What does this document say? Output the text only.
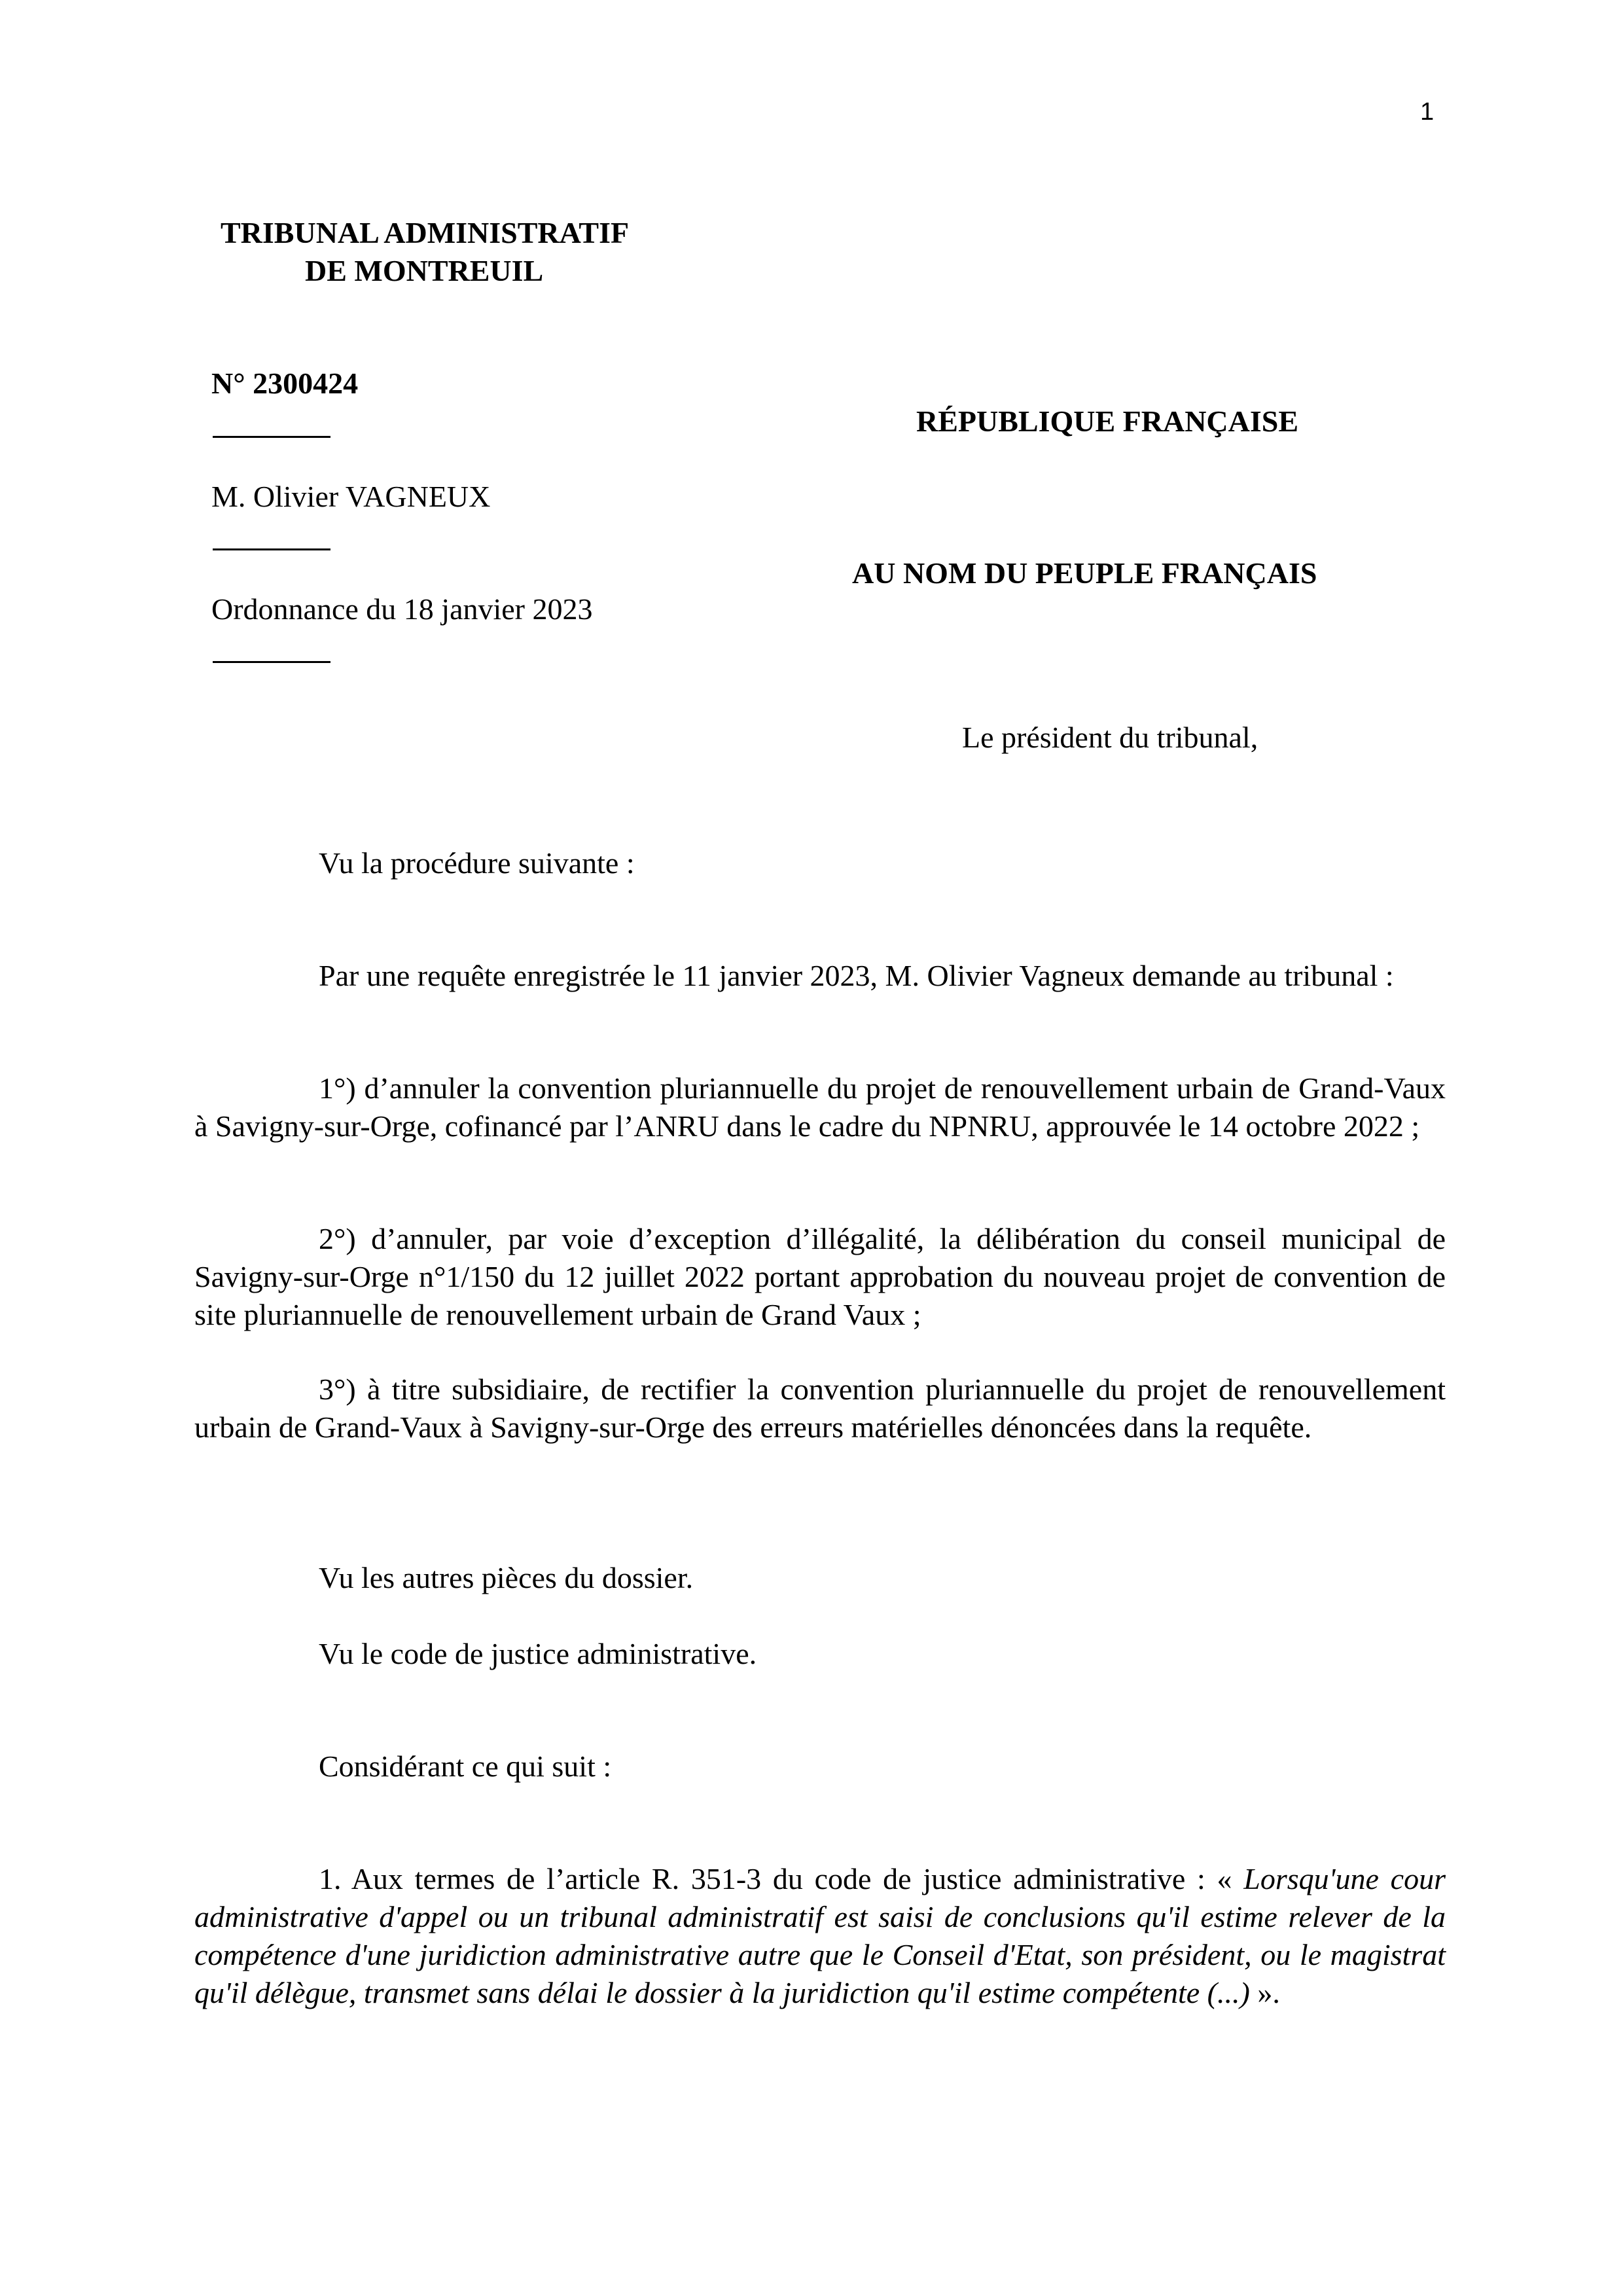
1
TRIBUNAL ADMINISTRATIF
DE MONTREUIL
N° 2300424
M. Olivier VAGNEUX
Ordonnance du 18 janvier 2023
RÉPUBLIQUE FRANÇAISE
AU NOM DU PEUPLE FRANÇAIS
Le président du tribunal,
Vu la procédure suivante :
Par une requête enregistrée le 11 janvier 2023, M. Olivier Vagneux demande au tribunal :
1°) d’annuler la convention pluriannuelle du projet de renouvellement urbain de Grand-Vaux à Savigny-sur-Orge, cofinancé par l’ANRU dans le cadre du NPNRU, approuvée le 14 octobre 2022 ;
2°) d’annuler, par voie d’exception d’illégalité, la délibération du conseil municipal de Savigny-sur-Orge n°1/150 du 12 juillet 2022 portant approbation du nouveau projet de convention de site pluriannuelle de renouvellement urbain de Grand Vaux ;
3°) à titre subsidiaire, de rectifier la convention pluriannuelle du projet de renouvellement urbain de Grand-Vaux à Savigny-sur-Orge des erreurs matérielles dénoncées dans la requête.
Vu les autres pièces du dossier.
Vu le code de justice administrative.
Considérant ce qui suit :
1. Aux termes de l’article R. 351-3 du code de justice administrative : « Lorsqu'une cour administrative d'appel ou un tribunal administratif est saisi de conclusions qu'il estime relever de la compétence d'une juridiction administrative autre que le Conseil d'Etat, son président, ou le magistrat qu'il délègue, transmet sans délai le dossier à la juridiction qu'il estime compétente (...) ».
